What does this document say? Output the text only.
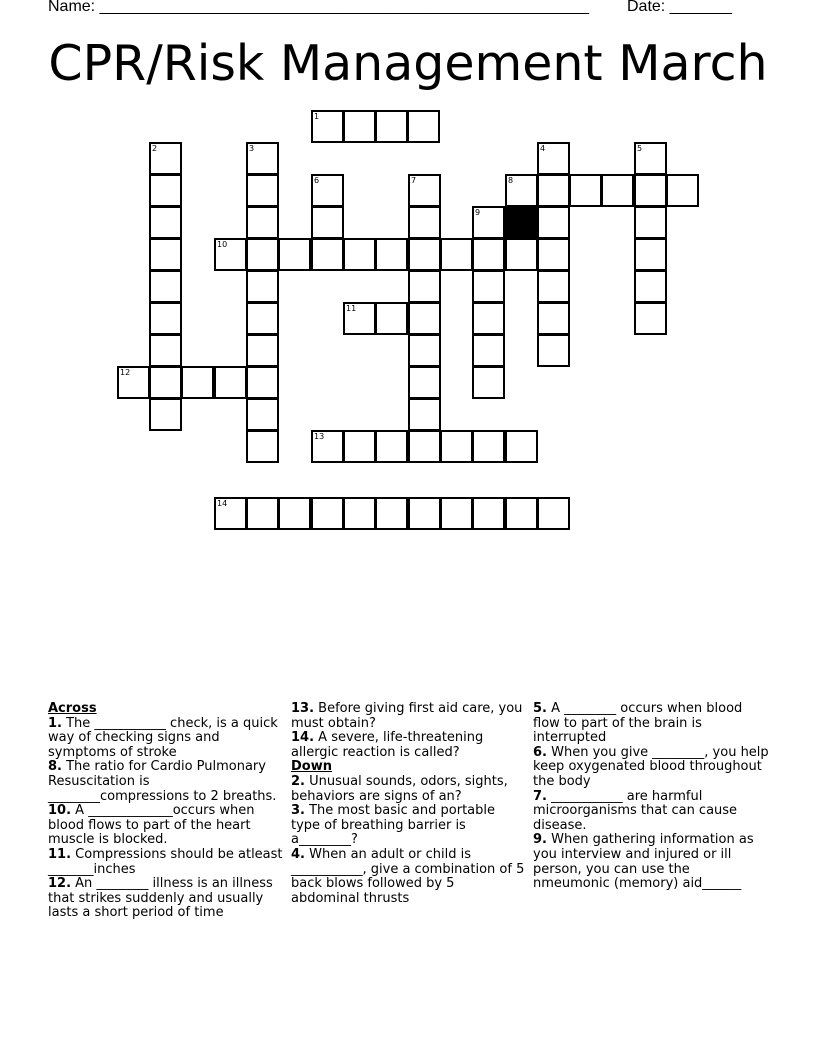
Name: _______________________________________________________ Date: _______
CPR/Risk Management March
1
2	3	4	5
6	7	8
9
10
11
12
13
14

Across

1. The ___________ check, is a quick way of checking signs and symptoms of stroke

8. The ratio for Cardio Pulmonary Resuscitation is ________compressions to 2 breaths.

10. A _____________occurs when blood flows to part of the heart muscle is blocked.

11. Compressions should be atleast _______inches

12. An ________ illness is an illness that strikes suddenly and usually lasts a short period of time

13. Before giving first aid care, you must obtain?

14. A severe, life-threatening allergic reaction is called?

Down

2. Unusual sounds, odors, sights, behaviors are signs of an?

3. The most basic and portable type of breathing barrier is a________?

4. When an adult or child is ___________, give a combination of 5 back blows followed by 5 abdominal thrusts

5. A ________ occurs when blood flow to part of the brain is interrupted

6. When you give ________, you help keep oxygenated blood throughout the body

7. ___________ are harmful microorganisms that can cause disease.

9. When gathering information as you interview and injured or ill person, you can use the nmeumonic (memory) aid______
